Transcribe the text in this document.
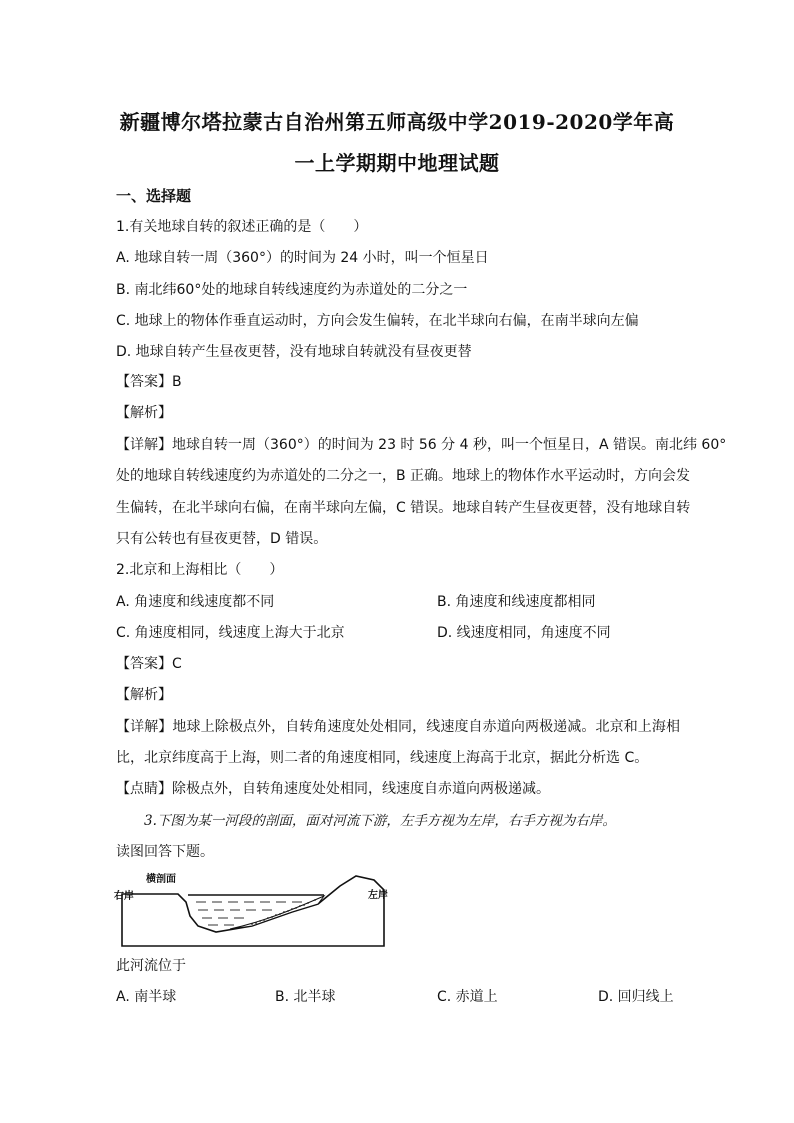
新疆博尔塔拉蒙古自治州第五师高级中学2019-2020学年高
一上学期期中地理试题
一、选择题
1.有关地球自转的叙述正确的是（　　）
A. 地球自转一周（360°）的时间为 24 小时，叫一个恒星日
B. 南北纬60°处的地球自转线速度约为赤道处的二分之一
C. 地球上的物体作垂直运动时，方向会发生偏转，在北半球向右偏，在南半球向左偏
D. 地球自转产生昼夜更替，没有地球自转就没有昼夜更替
【答案】B
【解析】
【详解】地球自转一周（360°）的时间为 23 时 56 分 4 秒，叫一个恒星日，A 错误。南北纬 60°
处的地球自转线速度约为赤道处的二分之一，B 正确。地球上的物体作水平运动时，方向会发
生偏转，在北半球向右偏，在南半球向左偏，C 错误。地球自转产生昼夜更替，没有地球自转
只有公转也有昼夜更替，D 错误。
2.北京和上海相比（　　）
A. 角速度和线速度都不同	B. 角速度和线速度都相同
C. 角速度相同，线速度上海大于北京	D. 线速度相同，角速度不同
【答案】C
【解析】
【详解】地球上除极点外，自转角速度处处相同，线速度自赤道向两极递减。北京和上海相
比，北京纬度高于上海，则二者的角速度相同，线速度上海高于北京，据此分析选 C。
【点睛】除极点外，自转角速度处处相同，线速度自赤道向两极递减。
3.下图为某一河段的剖面，面对河流下游，左手方视为左岸，右手方视为右岸。
读图回答下题。
横剖面
右岸	左岸
此河流位于
A. 南半球	B. 北半球	C. 赤道上	D. 回归线上
